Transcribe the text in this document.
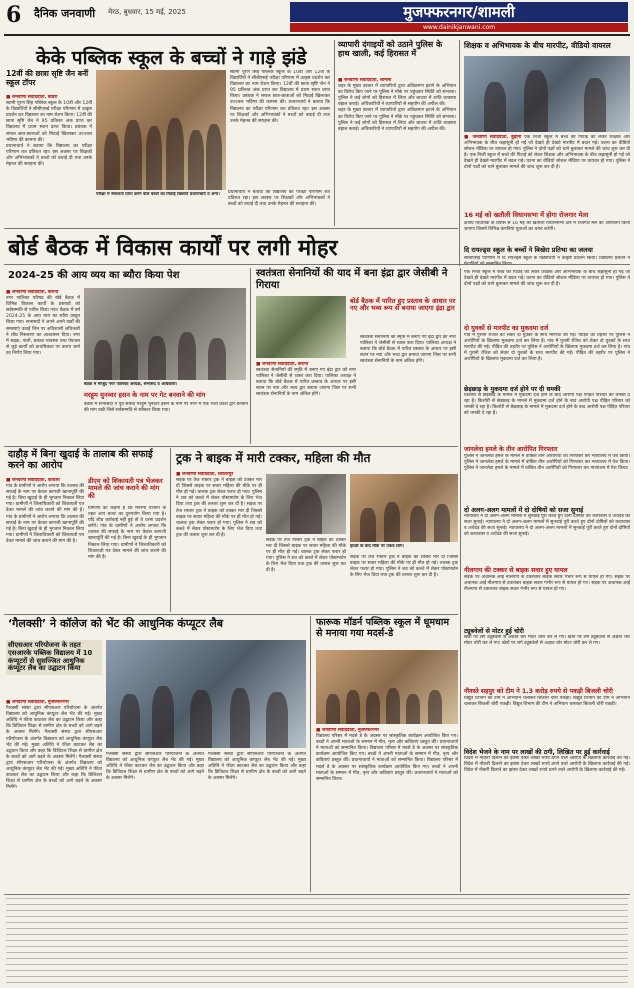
6 दैनिक जनवाणी मेरठ, बुधवार, 15 मई, 2025	मुजफ्फरनगर/शामली
www.dainikjanwani.com
केके पब्लिक स्कूल के बच्चों ने गाड़े झंडे
12वीं की छात्रा सृष्टि जैन बनीं स्कूल टॉपर
■ जनवाणी संवाददाता, बाघरा
स्वामी पूरण सिंह पब्लिक स्कूल के 10वीं और 12वीं के विद्यार्थियों ने सीबीएसई परीक्षा परिणाम में उत्कृष्ट प्रदर्शन कर विद्यालय का नाम रोशन किया। 12वीं की छात्रा सृष्टि जैन ने 95 प्रतिशत अंक प्राप्त कर विद्यालय में प्रथम स्थान प्राप्त किया। प्रबंधक ने सफल छात्र-छात्राओं को मिठाई खिलाकर उज्ज्वल भविष्य की कामना की।
प्रधानाचार्य ने बताया कि विद्यालय का परीक्षा परिणाम शत प्रतिशत रहा। इस अवसर पर शिक्षकों और अभिभावकों ने बच्चों को बधाई दी तथा उनके मेहनत की सराहना की।
परीक्षा में सफलता प्राप्त करने वाले बच्चों को मिठाई खिलाते प्रधानाचार्य व अन्य।
स्वामी पूरण सिंह पब्लिक स्कूल के 10वीं और 12वीं के विद्यार्थियों ने सीबीएसई परीक्षा परिणाम में उत्कृष्ट प्रदर्शन कर विद्यालय का नाम रोशन किया। 12वीं की छात्रा सृष्टि जैन ने 95 प्रतिशत अंक प्राप्त कर विद्यालय में प्रथम स्थान प्राप्त किया। प्रबंधक ने सफल छात्र-छात्राओं को मिठाई खिलाकर उज्ज्वल भविष्य की कामना की। प्रधानाचार्य ने बताया कि विद्यालय का परीक्षा परिणाम शत प्रतिशत रहा। इस अवसर पर शिक्षकों और अभिभावकों ने बच्चों को बधाई दी तथा उनके मेहनत की सराहना की।
प्रधानाचार्य ने बताया कि विद्यालय का परीक्षा परिणाम शत प्रतिशत रहा। इस अवसर पर शिक्षकों और अभिभावकों ने बच्चों को बधाई दी तथा उनके मेहनत की सराहना की।
व्यापारी दंगाइयों को उठाने पुलिस के हाथ खाली, कई हिरासत में
■ जनवाणी संवाददाता, शामली
शहर के मुख्य बाजार में व्यापारियों द्वारा अतिक्रमण हटाने के अभियान का विरोध किए जाने पर पुलिस ने मौके पर पहुंचकर स्थिति को संभाला। पुलिस ने कई लोगों को हिरासत में लिया और बाजार में शांति व्यवस्था बहाल कराई। अधिकारियों ने व्यापारियों से सहयोग की अपील की।
शहर के मुख्य बाजार में व्यापारियों द्वारा अतिक्रमण हटाने के अभियान का विरोध किए जाने पर पुलिस ने मौके पर पहुंचकर स्थिति को संभाला। पुलिस ने कई लोगों को हिरासत में लिया और बाजार में शांति व्यवस्था बहाल कराई। अधिकारियों ने व्यापारियों से सहयोग की अपील की।
शिक्षक व अभिभावक के बीच मारपीट, वीडियो वायरल
■ जनवाणी संवाददाता, बुढ़ाना एक निजी स्कूल में बच्चे की पिटाई को लेकर शिक्षक और अभिभावक के बीच कहासुनी हो गई जो देखते ही देखते मारपीट में बदल गई। घटना का वीडियो सोशल मीडिया पर वायरल हो गया। पुलिस ने दोनों पक्षों को थाने बुलाकर मामले की जांच शुरू कर दी है। एक निजी स्कूल में बच्चे की पिटाई को लेकर शिक्षक और अभिभावक के बीच कहासुनी हो गई जो देखते ही देखते मारपीट में बदल गई। घटना का वीडियो सोशल मीडिया पर वायरल हो गया। पुलिस ने दोनों पक्षों को थाने बुलाकर मामले की जांच शुरू कर दी है।
16 मई को खतौली विधानसभा में होगा रोजगार मेला
क्षेत्रीय विधायक के प्रयास से 16 मई को खतौली विधानसभा क्षेत्र में रोजगार मेले का आयोजन किया जाएगा जिसमें विभिन्न कंपनियां युवाओं का चयन करेंगी।
दि रायल्ड्स स्कूल के बच्चों ने बिखेरा प्रतिभा का जलवा
सीबीएसई परिणाम में दि रायल्ड्स स्कूल के विद्यार्थियों ने उत्कृष्ट प्रदर्शन किया। विद्यालय प्रबंधन ने
बोर्ड बैठक में विकास कार्यों पर लगी मोहर
2024-25 की आय व्यय का ब्यौरा किया पेश
■ जनवाणी संवाददाता, कैराना
नगर पालिका परिषद की बोर्ड बैठक में विभिन्न विकास कार्यों के प्रस्तावों को सर्वसम्मति से पारित किया गया। बैठक में वर्ष 2024-25 के आय व्यय का ब्यौरा प्रस्तुत किया गया। सभासदों ने अपने अपने वार्डों की समस्याएं उठाईं जिन पर अधिशासी अधिकारी ने शीघ्र निस्तारण का आश्वासन दिया। नगर में सड़क, नाली, प्रकाश व्यवस्था तथा पेयजल से जुड़े कार्यों को प्राथमिकता पर कराए जाने का निर्णय लिया गया।
बैठक में मौजूद नगर पालिका अध्यक्ष, सभासद व अधिकारी।
मरहूम मुनव्वर हसन के नाम पर गेट बनवाने की मांग
बैठक में सभासदों ने पूर्व सांसद मरहूम मुनव्वर हसन के नाम पर नगर में एक भव्य प्रवेश द्वार बनवाने की मांग रखी जिसे सर्वसम्मति से स्वीकार किया गया।
स्वतंत्रता सेनानियों की याद में बना इंद्रा द्वार जेसीबी ने गिराया
बोर्ड बैठक में पारित हुए प्रस्ताव के आधार पर नए और भव्य रूप से बनाया जाएगा इंद्रा द्वार
■ जनवाणी संवाददाता, कैराना
स्वतंत्रता सेनानियों की स्मृति में बनाए गए इंद्रा द्वार को नगर पालिका ने जेसीबी से ध्वस्त करा दिया। पालिका अध्यक्ष ने बताया कि बोर्ड बैठक में पारित प्रस्ताव के आधार पर इसी स्थान पर नया और भव्य द्वार बनाया जाएगा जिस पर सभी स्वतंत्रता सेनानियों के नाम अंकित होंगे।
स्वतंत्रता सेनानियों की स्मृति में बनाए गए इंद्रा द्वार को नगर पालिका ने जेसीबी से ध्वस्त करा दिया। पालिका अध्यक्ष ने बताया कि बोर्ड बैठक में पारित प्रस्ताव के आधार पर इसी स्थान पर नया और भव्य द्वार बनाया जाएगा जिस पर सभी स्वतंत्रता सेनानियों के नाम अंकित होंगे।
एक निजी स्कूल में बच्चे की पिटाई को लेकर शिक्षक और अभिभावक के बीच कहासुनी हो गई जो देखते ही देखते मारपीट में बदल गई। घटना का वीडियो सोशल मीडिया पर वायरल हो गया। पुलिस ने दोनों पक्षों को थाने बुलाकर मामले की जांच शुरू कर दी है।
दो युवकों से मारपीट का मुकदमा दर्ज
गांव में पुरानी रंजिश को लेकर दो युवकों के साथ मारपीट की गई। पीड़ित की तहरीर पर पुलिस ने आरोपियों के खिलाफ मुकदमा दर्ज कर लिया है। गांव में पुरानी रंजिश को लेकर दो युवकों के साथ मारपीट की गई। पीड़ित की तहरीर पर पुलिस ने आरोपियों के खिलाफ मुकदमा दर्ज कर लिया है। गांव में पुरानी रंजिश को लेकर दो युवकों के साथ मारपीट की गई। पीड़ित की तहरीर पर पुलिस ने आरोपियों के खिलाफ मुकदमा दर्ज कर लिया है।
छेड़छाड़ के मुकदमा दर्ज होने पर दी धमकी
किशोरी से छेड़छाड़ के मामले में मुकदमा दर्ज होने के बाद आरोपी पक्ष पीड़ित परिवार को धमकी दे रहा है। किशोरी से छेड़छाड़ के मामले में मुकदमा दर्ज होने के बाद आरोपी पक्ष पीड़ित परिवार को धमकी दे रहा है। किशोरी से छेड़छाड़ के मामले में मुकदमा दर्ज होने के बाद आरोपी पक्ष पीड़ित परिवार को धमकी दे रहा है।
जानलेवा हमले के तीन आरोपित गिरफ्तार
पुलिस ने जानलेवा हमले के मामले में वांछित तीन आरोपियों को गिरफ्तार कर न्यायालय में पेश किया। पुलिस ने जानलेवा हमले के मामले में वांछित तीन आरोपियों को गिरफ्तार कर न्यायालय में पेश किया। पुलिस ने जानलेवा हमले के मामले में वांछित तीन आरोपियों को गिरफ्तार कर न्यायालय में पेश किया।
दो अलग-अलग मामलों में दो दोषियों को सजा सुनाई
न्यायालय ने दो अलग-अलग मामलों में सुनवाई पूरी करते हुए दोनों दोषियों को कारावास व अर्थदंड की सजा सुनाई। न्यायालय ने दो अलग-अलग मामलों में सुनवाई पूरी करते हुए दोनों दोषियों को कारावास व अर्थदंड की सजा सुनाई। न्यायालय ने दो अलग-अलग मामलों में सुनवाई पूरी करते हुए दोनों दोषियों को कारावास व अर्थदंड की सजा सुनाई।
नीलगाय की टक्कर से बाइक सवार हुए घायल
सड़क पर अचानक आई नीलगाय से टकराकर बाइक सवार गंभीर रूप से घायल हो गए। सड़क पर अचानक आई नीलगाय से टकराकर बाइक सवार गंभीर रूप से घायल हो गए। सड़क पर अचानक आई नीलगाय से टकराकर बाइक सवार गंभीर रूप से घायल हो गए।
ट्यूबवेलों से मोटर हुई चोरी
खेतों पर लगे ट्यूबवेलों से अज्ञात चोर मोटर चोरी कर ले गए। खेतों पर लगे ट्यूबवेलों से अज्ञात चोर मोटर चोरी कर ले गए। खेतों पर लगे ट्यूबवेलों से अज्ञात चोर मोटर चोरी कर ले गए।
नौवस्ते सहपुर को टीम ने 1.3 करोड़ रुपये से पकड़ी बिजली चोरी
विद्युत विभाग की टीम ने अभियान चलाकर बिजली चोरी पकड़ी। विद्युत विभाग की टीम ने अभियान चलाकर बिजली चोरी पकड़ी। विद्युत विभाग की टीम ने अभियान चलाकर बिजली चोरी पकड़ी।
विदेश भेजने के नाम पर लाखों की ठगी, लिखित पर हुई कार्रवाई
विदेश में नौकरी दिलाने का झांसा देकर लाखों रुपये ठगने वाले आरोपी के खिलाफ कार्रवाई की गई। विदेश में नौकरी दिलाने का झांसा देकर लाखों रुपये ठगने वाले आरोपी के खिलाफ कार्रवाई की गई। विदेश में नौकरी दिलाने का झांसा देकर लाखों रुपये ठगने वाले आरोपी के खिलाफ कार्रवाई की गई।
दाहौड़ में बिना खुदाई के तालाब की सफाई करने का आरोप
■ जनवाणी संवाददाता, कांधला
गांव के ग्रामीणों ने आरोप लगाया कि तालाब की सफाई के नाम पर केवल कागजी खानापूर्ति की गई है। बिना खुदाई के ही भुगतान निकाल लिया गया। ग्रामीणों ने जिलाधिकारी को शिकायती पत्र देकर मामले की जांच कराने की मांग की है। गांव के ग्रामीणों ने आरोप लगाया कि तालाब की सफाई के नाम पर केवल कागजी खानापूर्ति की गई है। बिना खुदाई के ही भुगतान निकाल लिया गया। ग्रामीणों ने जिलाधिकारी को शिकायती पत्र देकर मामले की जांच कराने की मांग की है।
डीएम को शिकायती पत्र भेजकर मामले की जांच कराने की मांग की
ग्रामीणों का कहना है कि मनरेगा योजना के तहत आए बजट का दुरुपयोग किया गया है। यदि शीघ्र कार्रवाई नहीं हुई तो वे धरना प्रदर्शन करेंगे। गांव के ग्रामीणों ने आरोप लगाया कि तालाब की सफाई के नाम पर केवल कागजी खानापूर्ति की गई है। बिना खुदाई के ही भुगतान निकाल लिया गया। ग्रामीणों ने जिलाधिकारी को शिकायती पत्र देकर मामले की जांच कराने की मांग की है।
ट्रक ने बाइक में मारी टक्कर, महिला की मौत
■ जनवाणी संवाददाता, शिकारपुर
सड़क पर तेज रफ्तार ट्रक ने बाइक को टक्कर मार दी जिससे बाइक पर सवार महिला की मौके पर ही मौत हो गई। चालक ट्रक लेकर फरार हो गया। पुलिस ने शव को कब्जे में लेकर पोस्टमार्टम के लिए भेज दिया तथा ट्रक की तलाश शुरू कर दी है। सड़क पर तेज रफ्तार ट्रक ने बाइक को टक्कर मार दी जिससे बाइक पर सवार महिला की मौके पर ही मौत हो गई। चालक ट्रक लेकर फरार हो गया। पुलिस ने शव को कब्जे में लेकर पोस्टमार्टम के लिए भेज दिया तथा ट्रक की तलाश शुरू कर दी है।
सड़क पर तेज रफ्तार ट्रक ने बाइक को टक्कर मार दी जिससे बाइक पर सवार महिला की मौके पर ही मौत हो गई। चालक ट्रक लेकर फरार हो गया। पुलिस ने शव को कब्जे में लेकर पोस्टमार्टम के लिए भेज दिया तथा ट्रक की तलाश शुरू कर दी है।
हादसे के बाद मौके पर एकत्र लोग।
सड़क पर तेज रफ्तार ट्रक ने बाइक को टक्कर मार दी जिससे बाइक पर सवार महिला की मौके पर ही मौत हो गई। चालक ट्रक लेकर फरार हो गया। पुलिस ने शव को कब्जे में लेकर पोस्टमार्टम के लिए भेज दिया तथा ट्रक की तलाश शुरू कर दी है।
‘गैलक्सी’ ने कॉलेज को भेंट की आधुनिक कंप्यूटर लैब
सीएसआर परियोजना के तहत एसआरके पब्लिक विद्यालय में 10 कंप्यूटरों से सुसज्जित आधुनिक कंप्यूटर लैब का उद्घाटन किया
■ जनवाणी संवाददाता, मुजफ्फरनगर
गैलक्सी संस्था द्वारा सीएसआर परियोजना के अंतर्गत विद्यालय को आधुनिक कंप्यूटर लैब भेंट की गई। मुख्य अतिथि ने फीता काटकर लैब का उद्घाटन किया और कहा कि डिजिटल शिक्षा से ग्रामीण क्षेत्र के बच्चों को आगे बढ़ने के अवसर मिलेंगे। गैलक्सी संस्था द्वारा सीएसआर परियोजना के अंतर्गत विद्यालय को आधुनिक कंप्यूटर लैब भेंट की गई। मुख्य अतिथि ने फीता काटकर लैब का उद्घाटन किया और कहा कि डिजिटल शिक्षा से ग्रामीण क्षेत्र के बच्चों को आगे बढ़ने के अवसर मिलेंगे। गैलक्सी संस्था द्वारा सीएसआर परियोजना के अंतर्गत विद्यालय को आधुनिक कंप्यूटर लैब भेंट की गई। मुख्य अतिथि ने फीता काटकर लैब का उद्घाटन किया और कहा कि डिजिटल शिक्षा से ग्रामीण क्षेत्र के बच्चों को आगे बढ़ने के अवसर मिलेंगे।
गैलक्सी संस्था द्वारा सीएसआर परियोजना के अंतर्गत विद्यालय को आधुनिक कंप्यूटर लैब भेंट की गई। मुख्य अतिथि ने फीता काटकर लैब का उद्घाटन किया और कहा कि डिजिटल शिक्षा से ग्रामीण क्षेत्र के बच्चों को आगे बढ़ने के अवसर मिलेंगे।
गैलक्सी संस्था द्वारा सीएसआर परियोजना के अंतर्गत विद्यालय को आधुनिक कंप्यूटर लैब भेंट की गई। मुख्य अतिथि ने फीता काटकर लैब का उद्घाटन किया और कहा कि डिजिटल शिक्षा से ग्रामीण क्षेत्र के बच्चों को आगे बढ़ने के अवसर मिलेंगे।
फारूक मॉडर्न पब्लिक स्कूल में धूमधाम से मनाया गया मदर्स-डे
■ जनवाणी संवाददाता, मुजफ्फरनगर
विद्यालय परिसर में मदर्स डे के अवसर पर सांस्कृतिक कार्यक्रम आयोजित किए गए। बच्चों ने अपनी माताओं के सम्मान में गीत, नृत्य और कविताएं प्रस्तुत कीं। प्रधानाचार्या ने माताओं को सम्मानित किया। विद्यालय परिसर में मदर्स डे के अवसर पर सांस्कृतिक कार्यक्रम आयोजित किए गए। बच्चों ने अपनी माताओं के सम्मान में गीत, नृत्य और कविताएं प्रस्तुत कीं। प्रधानाचार्या ने माताओं को सम्मानित किया। विद्यालय परिसर में मदर्स डे के अवसर पर सांस्कृतिक कार्यक्रम आयोजित किए गए। बच्चों ने अपनी माताओं के सम्मान में गीत, नृत्य और कविताएं प्रस्तुत कीं। प्रधानाचार्या ने माताओं को सम्मानित किया।
